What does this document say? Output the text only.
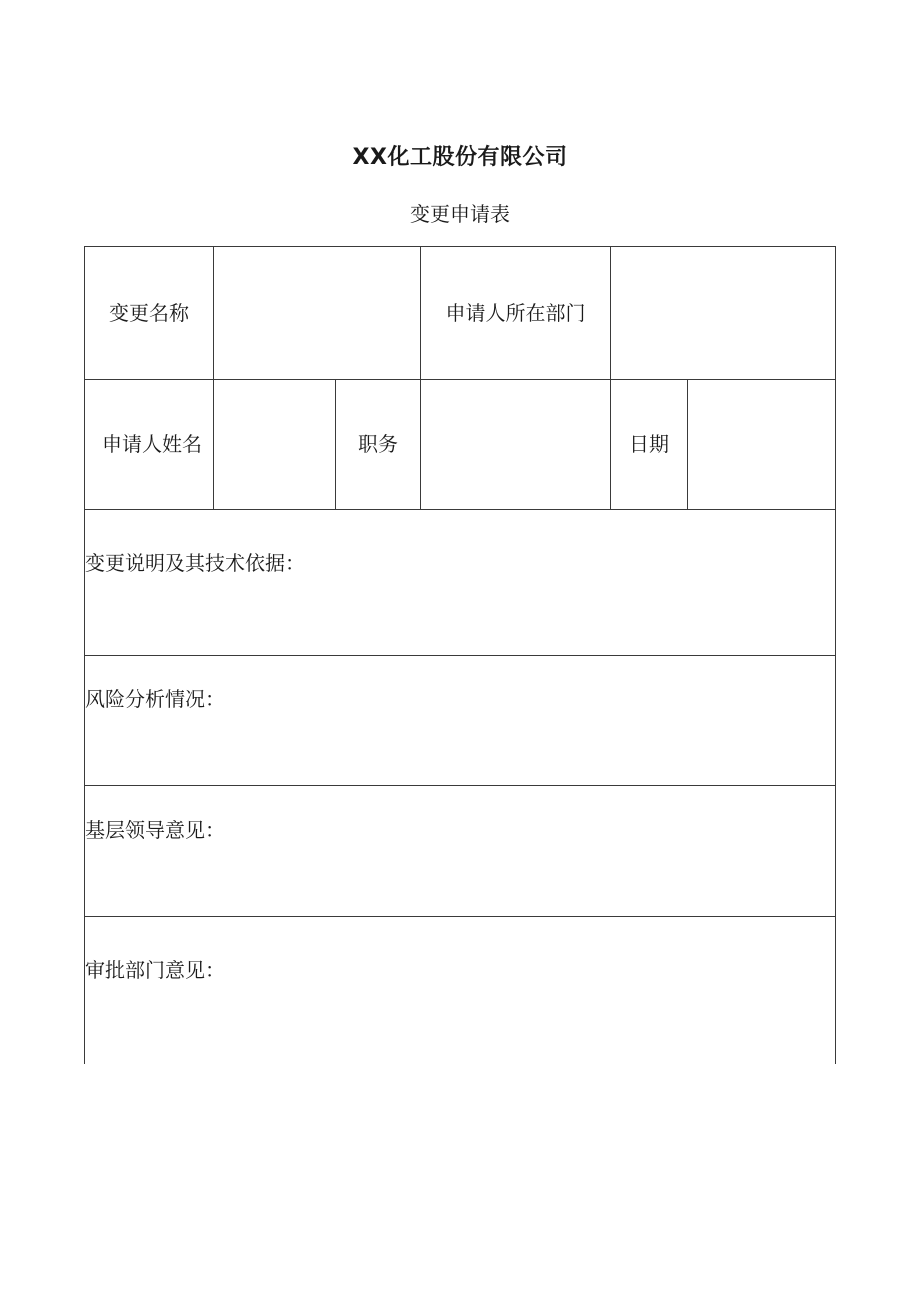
XX化工股份有限公司
变更申请表
变更名称	申请人所在部门
申请人姓名	职务	日期
变更说明及其技术依据：
风险分析情况：
基层领导意见：
审批部门意见：
